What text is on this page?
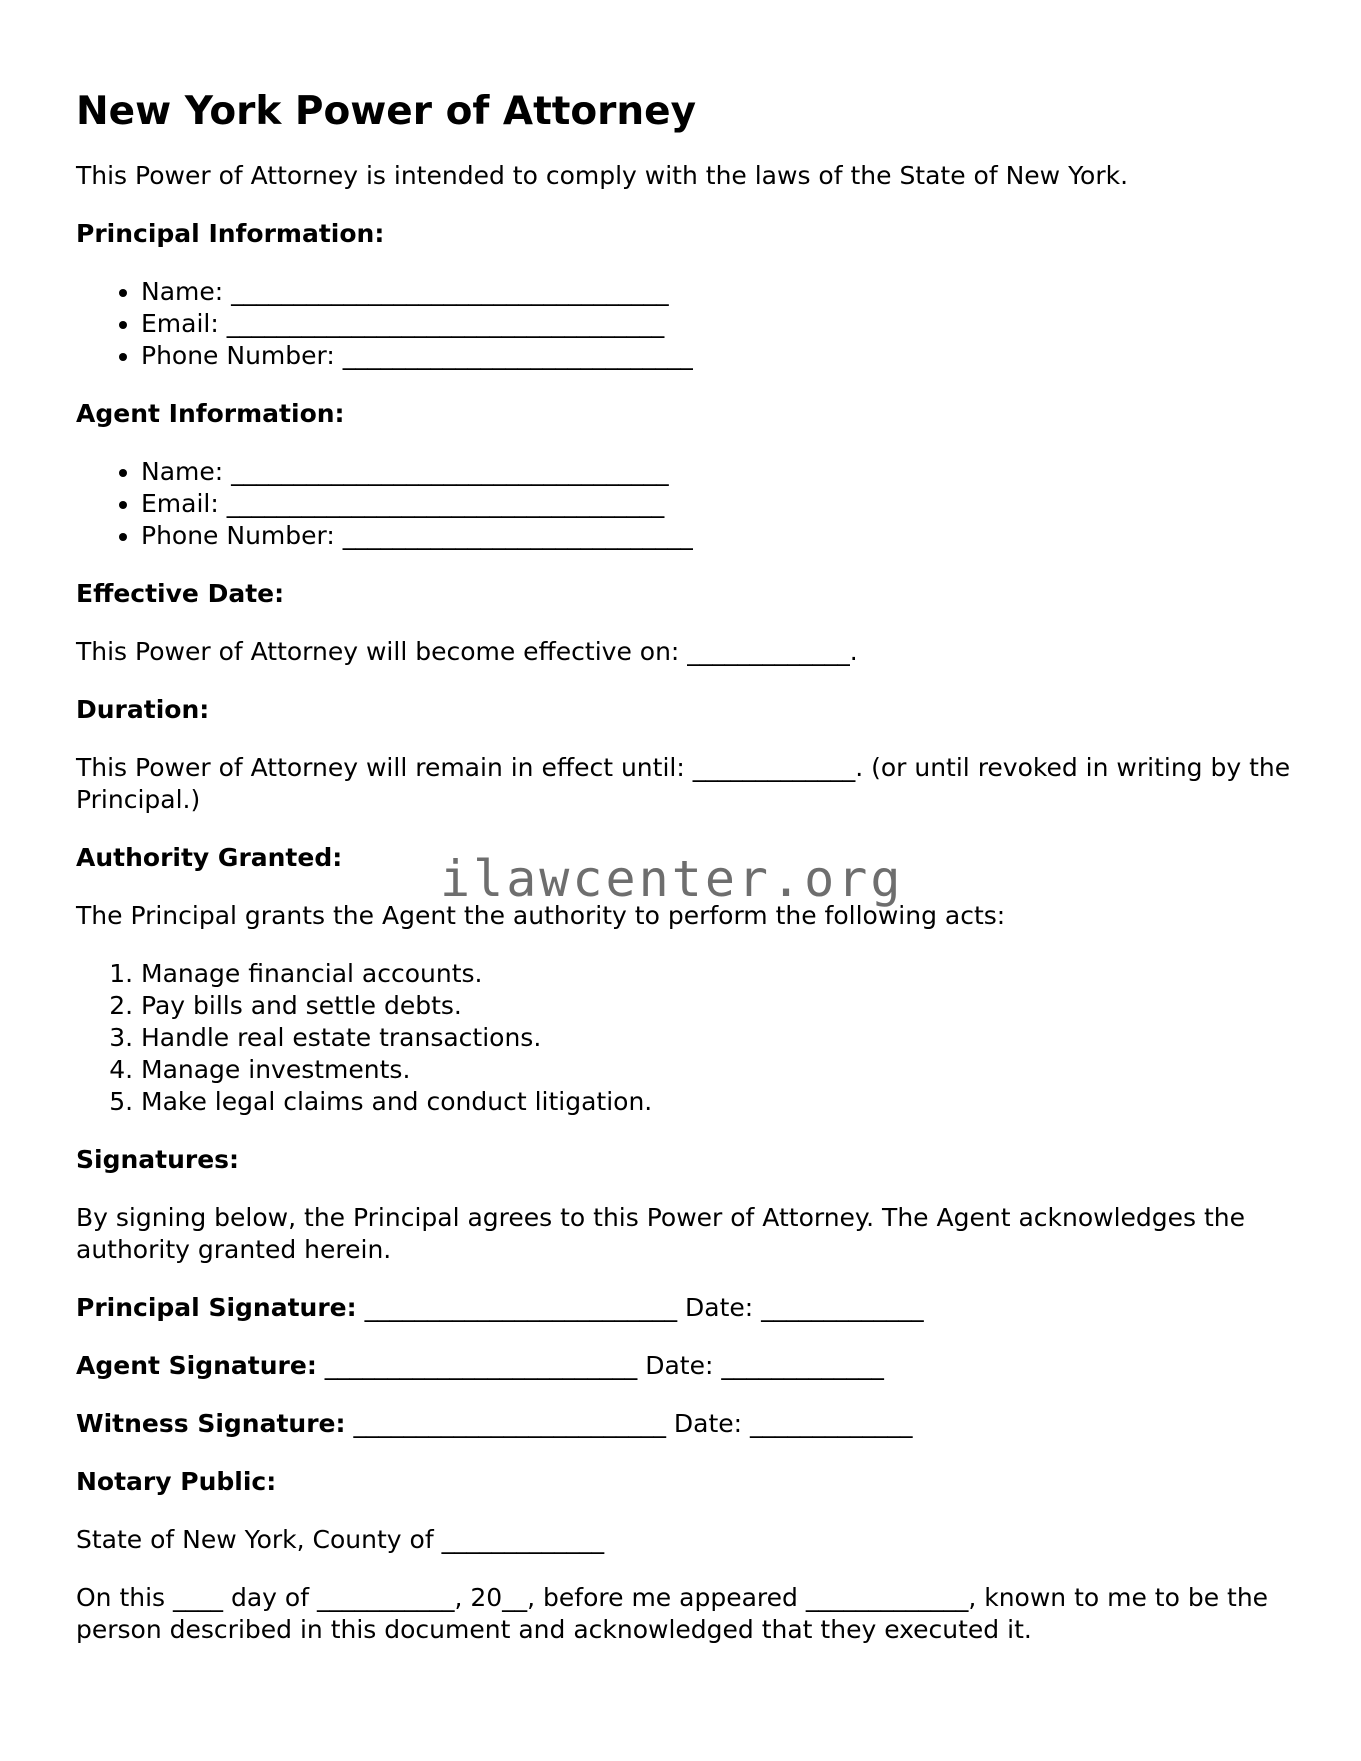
New York Power of Attorney

This Power of Attorney is intended to comply with the laws of the State of New York.

Principal Information:
• Name: ___________________________________
• Email: ___________________________________
• Phone Number: ____________________________
Agent Information:
• Name: ___________________________________
• Email: ___________________________________
• Phone Number: ____________________________
Effective Date:

This Power of Attorney will become effective on: _____________.

Duration:

This Power of Attorney will remain in effect until: _____________. (or until revoked in writing by the Principal.)

Authority Granted:

The Principal grants the Agent the authority to perform the following acts:

1. Manage financial accounts.
2. Pay bills and settle debts.
3. Handle real estate transactions.
4. Manage investments.
5. Make legal claims and conduct litigation.
Signatures:

By signing below, the Principal agrees to this Power of Attorney. The Agent acknowledges the authority granted herein.

Principal Signature: _________________________ Date: _____________
Agent Signature: _________________________ Date: _____________
Witness Signature: _________________________ Date: _____________
Notary Public:

State of New York, County of _____________

On this ____ day of ___________, 20__, before me appeared _____________, known to me to be the person described in this document and acknowledged that they executed it.

ilawcenter.org
